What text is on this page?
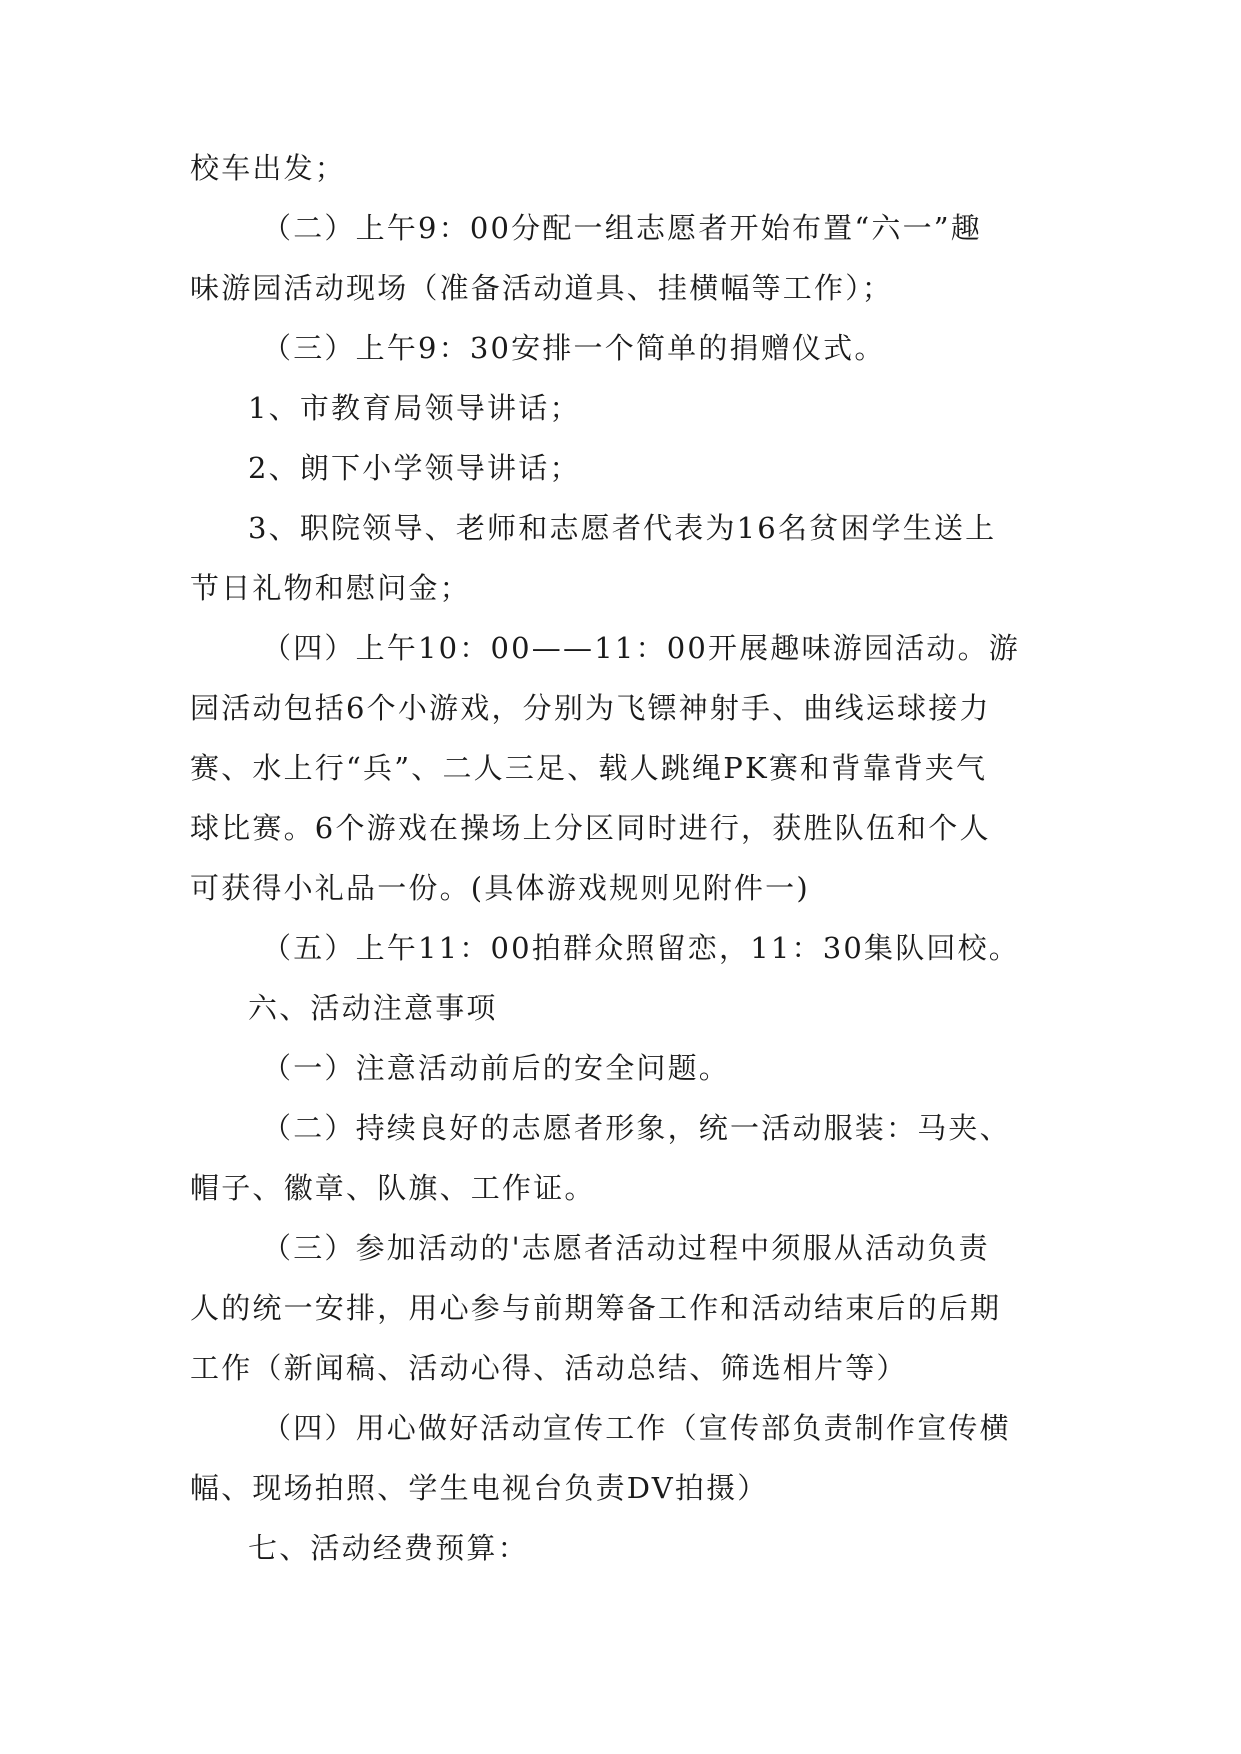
校车出发；

（二）上午9：00分配一组志愿者开始布置“六一”趣

味游园活动现场（准备活动道具、挂横幅等工作）；

（三）上午9：30安排一个简单的捐赠仪式。

1、市教育局领导讲话；

2、朗下小学领导讲话；

3、职院领导、老师和志愿者代表为16名贫困学生送上

节日礼物和慰问金；

（四）上午10：00——11：00开展趣味游园活动。游

园活动包括6个小游戏，分别为飞镖神射手、曲线运球接力

赛、水上行“兵”、二人三足、载人跳绳PK赛和背靠背夹气

球比赛。6个游戏在操场上分区同时进行，获胜队伍和个人

可获得小礼品一份。(具体游戏规则见附件一)

（五）上午11：00拍群众照留恋，11：30集队回校。

六、活动注意事项

（一）注意活动前后的安全问题。

（二）持续良好的志愿者形象，统一活动服装：马夹、

帽子、徽章、队旗、工作证。

（三）参加活动的'志愿者活动过程中须服从活动负责

人的统一安排，用心参与前期筹备工作和活动结束后的后期

工作（新闻稿、活动心得、活动总结、筛选相片等）

（四）用心做好活动宣传工作（宣传部负责制作宣传横

幅、现场拍照、学生电视台负责DV拍摄）

七、活动经费预算：
